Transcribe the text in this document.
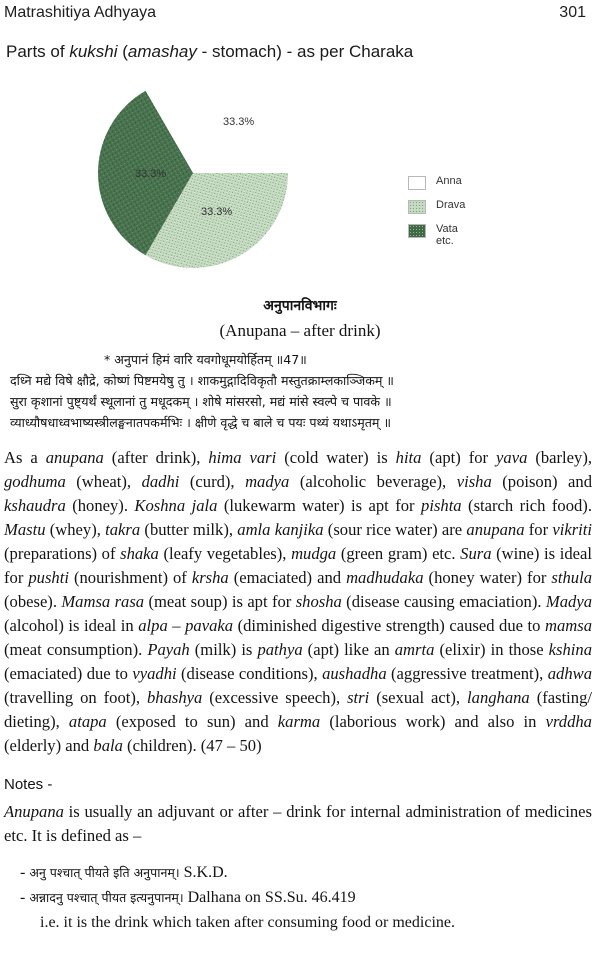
Matrashitiya Adhyaya	301
Parts of kukshi (amashay - stomach) - as per Charaka
33.3%
33.3%
33.3%
Anna
Drava
Vata etc.
अनुपानविभागः
(Anupana – after drink)
* अनुपानं हिमं वारि यवगोधूमयोर्हितम् ॥47॥
दध्नि मद्ये विषे क्षौद्रे, कोष्णं पिष्टमयेषु तु । शाकमुद्गादिविकृतौ मस्तुतक्राम्लकाञ्जिकम् ॥
सुरा कृशानां पुष्ट्यर्थं स्थूलानां तु मधूदकम् । शोषे मांसरसो, मद्यं मांसे स्वल्पे च पावके ॥
व्याध्यौषधाध्वभाष्यस्त्रीलङ्घनातपकर्मभिः । क्षीणे वृद्धे च बाले च पयः पथ्यं यथाऽमृतम् ॥
As a anupana (after drink), hima vari (cold water) is hita (apt) for yava (barley), godhuma (wheat), dadhi (curd), madya (alcoholic beverage), visha (poison) and kshaudra (honey). Koshna jala (lukewarm water) is apt for pishta (starch rich food). Mastu (whey), takra (butter milk), amla kanjika (sour rice water) are anupana for vikriti (preparations) of shaka (leafy vegetables), mudga (green gram) etc. Sura (wine) is ideal for pushti (nourishment) of krsha (emaciated) and madhudaka (honey water) for sthula (obese). Mamsa rasa (meat soup) is apt for shosha (disease causing emaciation). Madya (alcohol) is ideal in alpa – pavaka (diminished digestive strength) caused due to mamsa (meat consumption). Payah (milk) is pathya (apt) like an amrta (elixir) in those kshina (emaciated) due to vyadhi (disease conditions), aushadha (aggressive treatment), adhwa (travelling on foot), bhashya (excessive speech), stri (sexual act), langhana (fasting/ dieting), atapa (exposed to sun) and karma (laborious work) and also in vrddha (elderly) and bala (children). (47 – 50)
Notes -
Anupana is usually an adjuvant or after – drink for internal administration of medicines etc. It is defined as –
- अनु पश्चात् पीयते इति अनुपानम्। S.K.D.
- अन्नादनु पश्चात् पीयत इत्यनुपानम्। Dalhana on SS.Su. 46.419
i.e. it is the drink which taken after consuming food or medicine.
